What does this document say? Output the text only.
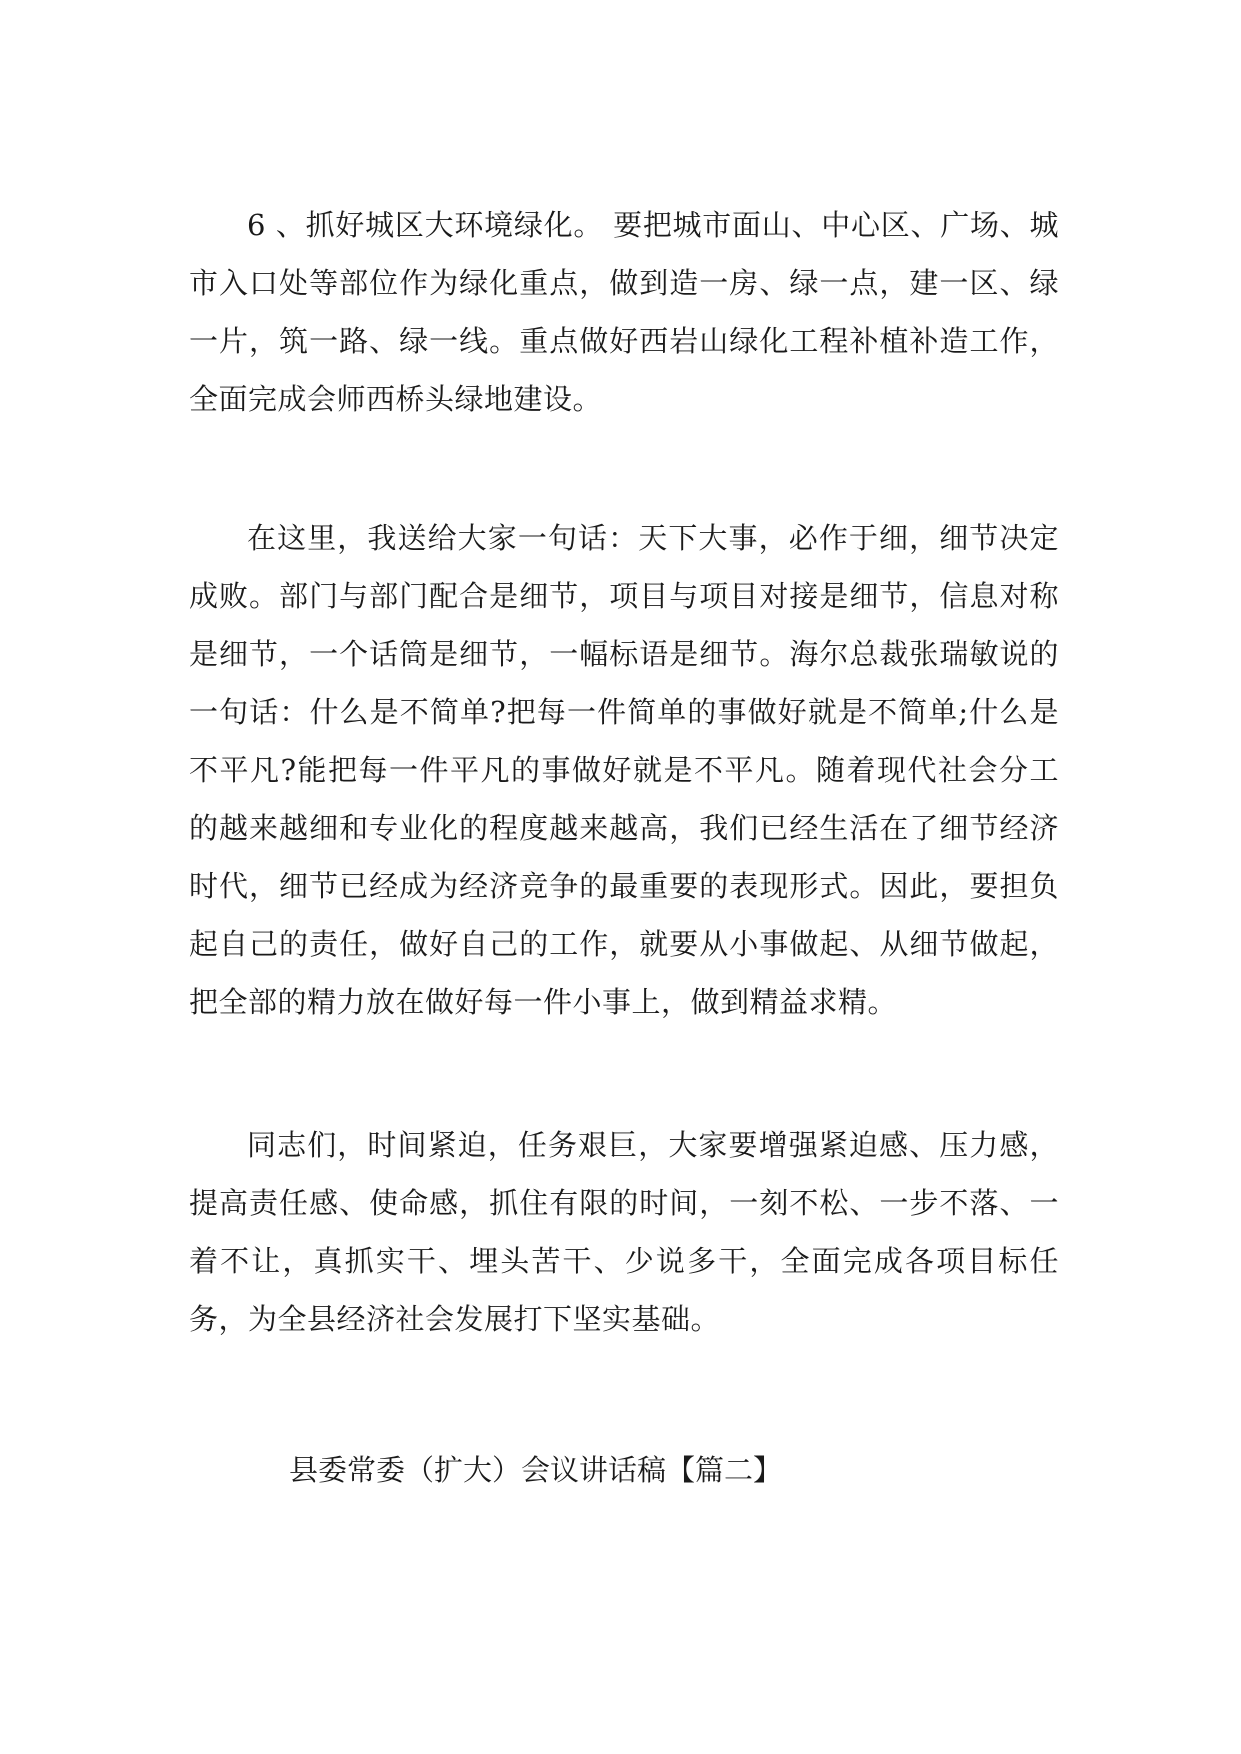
6 、抓好城区大环境绿化。 要把城市面山、中心区、广场、城市入口处等部位作为绿化重点，做到造一房、绿一点，建一区、绿一片，筑一路、绿一线。重点做好西岩山绿化工程补植补造工作，全面完成会师西桥头绿地建设。

在这里，我送给大家一句话：天下大事，必作于细，细节决定成败。部门与部门配合是细节，项目与项目对接是细节，信息对称是细节，一个话筒是细节，一幅标语是细节。海尔总裁张瑞敏说的一句话：什么是不简单?把每一件简单的事做好就是不简单;什么是不平凡?能把每一件平凡的事做好就是不平凡。随着现代社会分工的越来越细和专业化的程度越来越高，我们已经生活在了细节经济时代，细节已经成为经济竞争的最重要的表现形式。因此，要担负起自己的责任，做好自己的工作，就要从小事做起、从细节做起，把全部的精力放在做好每一件小事上，做到精益求精。

同志们，时间紧迫，任务艰巨，大家要增强紧迫感、压力感，提高责任感、使命感，抓住有限的时间，一刻不松、一步不落、一着不让，真抓实干、埋头苦干、少说多干，全面完成各项目标任务，为全县经济社会发展打下坚实基础。

县委常委（扩大）会议讲话稿【篇二】
